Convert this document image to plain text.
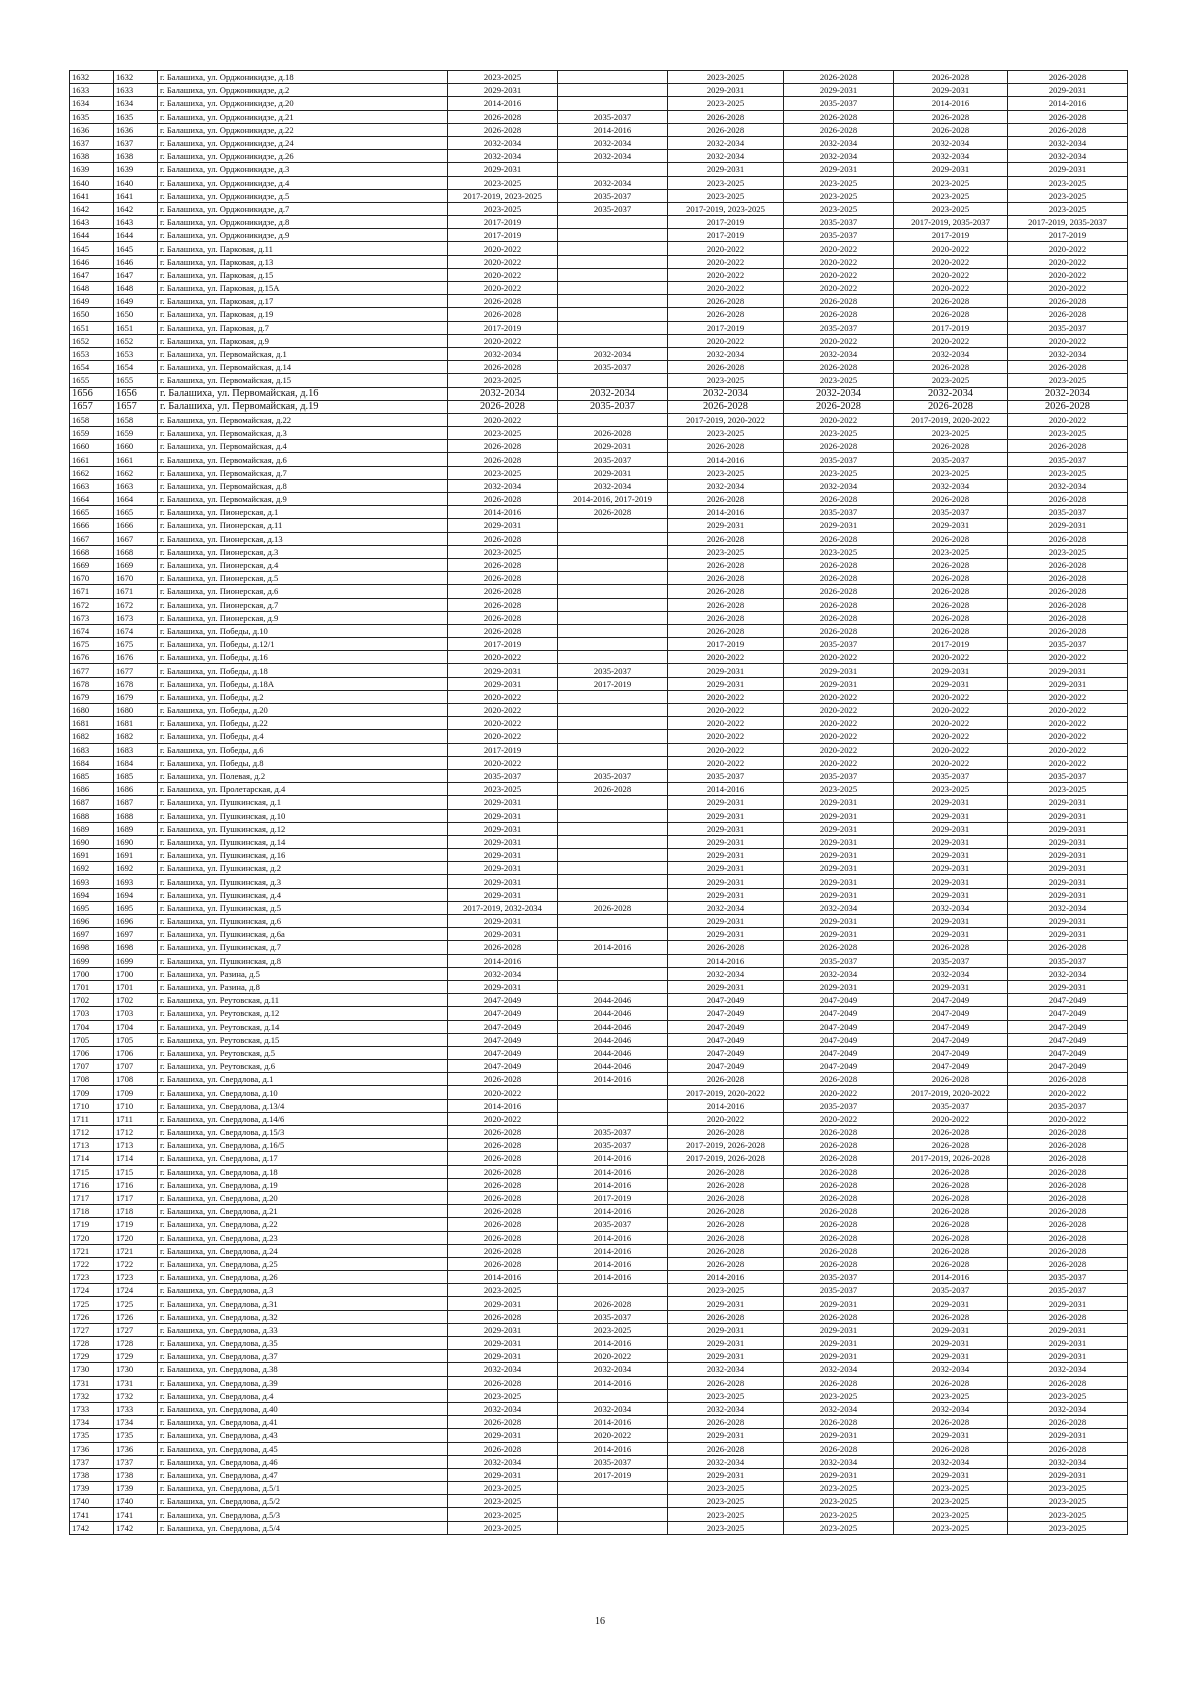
1632	1632	г. Балашиха, ул. Орджоникидзе, д.18	2023-2025		2023-2025	2026-2028	2026-2028	2026-2028
1633	1633	г. Балашиха, ул. Орджоникидзе, д.2	2029-2031		2029-2031	2029-2031	2029-2031	2029-2031
1634	1634	г. Балашиха, ул. Орджоникидзе, д.20	2014-2016		2023-2025	2035-2037	2014-2016	2014-2016
1635	1635	г. Балашиха, ул. Орджоникидзе, д.21	2026-2028	2035-2037	2026-2028	2026-2028	2026-2028	2026-2028
1636	1636	г. Балашиха, ул. Орджоникидзе, д.22	2026-2028	2014-2016	2026-2028	2026-2028	2026-2028	2026-2028
1637	1637	г. Балашиха, ул. Орджоникидзе, д.24	2032-2034	2032-2034	2032-2034	2032-2034	2032-2034	2032-2034
1638	1638	г. Балашиха, ул. Орджоникидзе, д.26	2032-2034	2032-2034	2032-2034	2032-2034	2032-2034	2032-2034
1639	1639	г. Балашиха, ул. Орджоникидзе, д.3	2029-2031		2029-2031	2029-2031	2029-2031	2029-2031
1640	1640	г. Балашиха, ул. Орджоникидзе, д.4	2023-2025	2032-2034	2023-2025	2023-2025	2023-2025	2023-2025
1641	1641	г. Балашиха, ул. Орджоникидзе, д.5	2017-2019, 2023-2025	2035-2037	2023-2025	2023-2025	2023-2025	2023-2025
1642	1642	г. Балашиха, ул. Орджоникидзе, д.7	2023-2025	2035-2037	2017-2019, 2023-2025	2023-2025	2023-2025	2023-2025
1643	1643	г. Балашиха, ул. Орджоникидзе, д.8	2017-2019		2017-2019	2035-2037	2017-2019, 2035-2037	2017-2019, 2035-2037
1644	1644	г. Балашиха, ул. Орджоникидзе, д.9	2017-2019		2017-2019	2035-2037	2017-2019	2017-2019
1645	1645	г. Балашиха, ул. Парковая, д.11	2020-2022		2020-2022	2020-2022	2020-2022	2020-2022
1646	1646	г. Балашиха, ул. Парковая, д.13	2020-2022		2020-2022	2020-2022	2020-2022	2020-2022
1647	1647	г. Балашиха, ул. Парковая, д.15	2020-2022		2020-2022	2020-2022	2020-2022	2020-2022
1648	1648	г. Балашиха, ул. Парковая, д.15А	2020-2022		2020-2022	2020-2022	2020-2022	2020-2022
1649	1649	г. Балашиха, ул. Парковая, д.17	2026-2028		2026-2028	2026-2028	2026-2028	2026-2028
1650	1650	г. Балашиха, ул. Парковая, д.19	2026-2028		2026-2028	2026-2028	2026-2028	2026-2028
1651	1651	г. Балашиха, ул. Парковая, д.7	2017-2019		2017-2019	2035-2037	2017-2019	2035-2037
1652	1652	г. Балашиха, ул. Парковая, д.9	2020-2022		2020-2022	2020-2022	2020-2022	2020-2022
1653	1653	г. Балашиха, ул. Первомайская, д.1	2032-2034	2032-2034	2032-2034	2032-2034	2032-2034	2032-2034
1654	1654	г. Балашиха, ул. Первомайская, д.14	2026-2028	2035-2037	2026-2028	2026-2028	2026-2028	2026-2028
1655	1655	г. Балашиха, ул. Первомайская, д.15	2023-2025		2023-2025	2023-2025	2023-2025	2023-2025
1656	1656	г. Балашиха, ул. Первомайская, д.16	2032-2034	2032-2034	2032-2034	2032-2034	2032-2034	2032-2034
1657	1657	г. Балашиха, ул. Первомайская, д.19	2026-2028	2035-2037	2026-2028	2026-2028	2026-2028	2026-2028
1658	1658	г. Балашиха, ул. Первомайская, д.22	2020-2022		2017-2019, 2020-2022	2020-2022	2017-2019, 2020-2022	2020-2022
1659	1659	г. Балашиха, ул. Первомайская, д.3	2023-2025	2026-2028	2023-2025	2023-2025	2023-2025	2023-2025
1660	1660	г. Балашиха, ул. Первомайская, д.4	2026-2028	2029-2031	2026-2028	2026-2028	2026-2028	2026-2028
1661	1661	г. Балашиха, ул. Первомайская, д.6	2026-2028	2035-2037	2014-2016	2035-2037	2035-2037	2035-2037
1662	1662	г. Балашиха, ул. Первомайская, д.7	2023-2025	2029-2031	2023-2025	2023-2025	2023-2025	2023-2025
1663	1663	г. Балашиха, ул. Первомайская, д.8	2032-2034	2032-2034	2032-2034	2032-2034	2032-2034	2032-2034
1664	1664	г. Балашиха, ул. Первомайская, д.9	2026-2028	2014-2016, 2017-2019	2026-2028	2026-2028	2026-2028	2026-2028
1665	1665	г. Балашиха, ул. Пионерская, д.1	2014-2016	2026-2028	2014-2016	2035-2037	2035-2037	2035-2037
1666	1666	г. Балашиха, ул. Пионерская, д.11	2029-2031		2029-2031	2029-2031	2029-2031	2029-2031
1667	1667	г. Балашиха, ул. Пионерская, д.13	2026-2028		2026-2028	2026-2028	2026-2028	2026-2028
1668	1668	г. Балашиха, ул. Пионерская, д.3	2023-2025		2023-2025	2023-2025	2023-2025	2023-2025
1669	1669	г. Балашиха, ул. Пионерская, д.4	2026-2028		2026-2028	2026-2028	2026-2028	2026-2028
1670	1670	г. Балашиха, ул. Пионерская, д.5	2026-2028		2026-2028	2026-2028	2026-2028	2026-2028
1671	1671	г. Балашиха, ул. Пионерская, д.6	2026-2028		2026-2028	2026-2028	2026-2028	2026-2028
1672	1672	г. Балашиха, ул. Пионерская, д.7	2026-2028		2026-2028	2026-2028	2026-2028	2026-2028
1673	1673	г. Балашиха, ул. Пионерская, д.9	2026-2028		2026-2028	2026-2028	2026-2028	2026-2028
1674	1674	г. Балашиха, ул. Победы, д.10	2026-2028		2026-2028	2026-2028	2026-2028	2026-2028
1675	1675	г. Балашиха, ул. Победы, д.12/1	2017-2019		2017-2019	2035-2037	2017-2019	2035-2037
1676	1676	г. Балашиха, ул. Победы, д.16	2020-2022		2020-2022	2020-2022	2020-2022	2020-2022
1677	1677	г. Балашиха, ул. Победы, д.18	2029-2031	2035-2037	2029-2031	2029-2031	2029-2031	2029-2031
1678	1678	г. Балашиха, ул. Победы, д.18А	2029-2031	2017-2019	2029-2031	2029-2031	2029-2031	2029-2031
1679	1679	г. Балашиха, ул. Победы, д.2	2020-2022		2020-2022	2020-2022	2020-2022	2020-2022
1680	1680	г. Балашиха, ул. Победы, д.20	2020-2022		2020-2022	2020-2022	2020-2022	2020-2022
1681	1681	г. Балашиха, ул. Победы, д.22	2020-2022		2020-2022	2020-2022	2020-2022	2020-2022
1682	1682	г. Балашиха, ул. Победы, д.4	2020-2022		2020-2022	2020-2022	2020-2022	2020-2022
1683	1683	г. Балашиха, ул. Победы, д.6	2017-2019		2020-2022	2020-2022	2020-2022	2020-2022
1684	1684	г. Балашиха, ул. Победы, д.8	2020-2022		2020-2022	2020-2022	2020-2022	2020-2022
1685	1685	г. Балашиха, ул. Полевая, д.2	2035-2037	2035-2037	2035-2037	2035-2037	2035-2037	2035-2037
1686	1686	г. Балашиха, ул. Пролетарская, д.4	2023-2025	2026-2028	2014-2016	2023-2025	2023-2025	2023-2025
1687	1687	г. Балашиха, ул. Пушкинская, д.1	2029-2031		2029-2031	2029-2031	2029-2031	2029-2031
1688	1688	г. Балашиха, ул. Пушкинская, д.10	2029-2031		2029-2031	2029-2031	2029-2031	2029-2031
1689	1689	г. Балашиха, ул. Пушкинская, д.12	2029-2031		2029-2031	2029-2031	2029-2031	2029-2031
1690	1690	г. Балашиха, ул. Пушкинская, д.14	2029-2031		2029-2031	2029-2031	2029-2031	2029-2031
1691	1691	г. Балашиха, ул. Пушкинская, д.16	2029-2031		2029-2031	2029-2031	2029-2031	2029-2031
1692	1692	г. Балашиха, ул. Пушкинская, д.2	2029-2031		2029-2031	2029-2031	2029-2031	2029-2031
1693	1693	г. Балашиха, ул. Пушкинская, д.3	2029-2031		2029-2031	2029-2031	2029-2031	2029-2031
1694	1694	г. Балашиха, ул. Пушкинская, д.4	2029-2031		2029-2031	2029-2031	2029-2031	2029-2031
1695	1695	г. Балашиха, ул. Пушкинская, д.5	2017-2019, 2032-2034	2026-2028	2032-2034	2032-2034	2032-2034	2032-2034
1696	1696	г. Балашиха, ул. Пушкинская, д.6	2029-2031		2029-2031	2029-2031	2029-2031	2029-2031
1697	1697	г. Балашиха, ул. Пушкинская, д.6а	2029-2031		2029-2031	2029-2031	2029-2031	2029-2031
1698	1698	г. Балашиха, ул. Пушкинская, д.7	2026-2028	2014-2016	2026-2028	2026-2028	2026-2028	2026-2028
1699	1699	г. Балашиха, ул. Пушкинская, д.8	2014-2016		2014-2016	2035-2037	2035-2037	2035-2037
1700	1700	г. Балашиха, ул. Разина, д.5	2032-2034		2032-2034	2032-2034	2032-2034	2032-2034
1701	1701	г. Балашиха, ул. Разина, д.8	2029-2031		2029-2031	2029-2031	2029-2031	2029-2031
1702	1702	г. Балашиха, ул. Реутовская, д.11	2047-2049	2044-2046	2047-2049	2047-2049	2047-2049	2047-2049
1703	1703	г. Балашиха, ул. Реутовская, д.12	2047-2049	2044-2046	2047-2049	2047-2049	2047-2049	2047-2049
1704	1704	г. Балашиха, ул. Реутовская, д.14	2047-2049	2044-2046	2047-2049	2047-2049	2047-2049	2047-2049
1705	1705	г. Балашиха, ул. Реутовская, д.15	2047-2049	2044-2046	2047-2049	2047-2049	2047-2049	2047-2049
1706	1706	г. Балашиха, ул. Реутовская, д.5	2047-2049	2044-2046	2047-2049	2047-2049	2047-2049	2047-2049
1707	1707	г. Балашиха, ул. Реутовская, д.6	2047-2049	2044-2046	2047-2049	2047-2049	2047-2049	2047-2049
1708	1708	г. Балашиха, ул. Свердлова, д.1	2026-2028	2014-2016	2026-2028	2026-2028	2026-2028	2026-2028
1709	1709	г. Балашиха, ул. Свердлова, д.10	2020-2022		2017-2019, 2020-2022	2020-2022	2017-2019, 2020-2022	2020-2022
1710	1710	г. Балашиха, ул. Свердлова, д.13/4	2014-2016		2014-2016	2035-2037	2035-2037	2035-2037
1711	1711	г. Балашиха, ул. Свердлова, д.14/6	2020-2022		2020-2022	2020-2022	2020-2022	2020-2022
1712	1712	г. Балашиха, ул. Свердлова, д.15/3	2026-2028	2035-2037	2026-2028	2026-2028	2026-2028	2026-2028
1713	1713	г. Балашиха, ул. Свердлова, д.16/5	2026-2028	2035-2037	2017-2019, 2026-2028	2026-2028	2026-2028	2026-2028
1714	1714	г. Балашиха, ул. Свердлова, д.17	2026-2028	2014-2016	2017-2019, 2026-2028	2026-2028	2017-2019, 2026-2028	2026-2028
1715	1715	г. Балашиха, ул. Свердлова, д.18	2026-2028	2014-2016	2026-2028	2026-2028	2026-2028	2026-2028
1716	1716	г. Балашиха, ул. Свердлова, д.19	2026-2028	2014-2016	2026-2028	2026-2028	2026-2028	2026-2028
1717	1717	г. Балашиха, ул. Свердлова, д.20	2026-2028	2017-2019	2026-2028	2026-2028	2026-2028	2026-2028
1718	1718	г. Балашиха, ул. Свердлова, д.21	2026-2028	2014-2016	2026-2028	2026-2028	2026-2028	2026-2028
1719	1719	г. Балашиха, ул. Свердлова, д.22	2026-2028	2035-2037	2026-2028	2026-2028	2026-2028	2026-2028
1720	1720	г. Балашиха, ул. Свердлова, д.23	2026-2028	2014-2016	2026-2028	2026-2028	2026-2028	2026-2028
1721	1721	г. Балашиха, ул. Свердлова, д.24	2026-2028	2014-2016	2026-2028	2026-2028	2026-2028	2026-2028
1722	1722	г. Балашиха, ул. Свердлова, д.25	2026-2028	2014-2016	2026-2028	2026-2028	2026-2028	2026-2028
1723	1723	г. Балашиха, ул. Свердлова, д.26	2014-2016	2014-2016	2014-2016	2035-2037	2014-2016	2035-2037
1724	1724	г. Балашиха, ул. Свердлова, д.3	2023-2025		2023-2025	2035-2037	2035-2037	2035-2037
1725	1725	г. Балашиха, ул. Свердлова, д.31	2029-2031	2026-2028	2029-2031	2029-2031	2029-2031	2029-2031
1726	1726	г. Балашиха, ул. Свердлова, д.32	2026-2028	2035-2037	2026-2028	2026-2028	2026-2028	2026-2028
1727	1727	г. Балашиха, ул. Свердлова, д.33	2029-2031	2023-2025	2029-2031	2029-2031	2029-2031	2029-2031
1728	1728	г. Балашиха, ул. Свердлова, д.35	2029-2031	2014-2016	2029-2031	2029-2031	2029-2031	2029-2031
1729	1729	г. Балашиха, ул. Свердлова, д.37	2029-2031	2020-2022	2029-2031	2029-2031	2029-2031	2029-2031
1730	1730	г. Балашиха, ул. Свердлова, д.38	2032-2034	2032-2034	2032-2034	2032-2034	2032-2034	2032-2034
1731	1731	г. Балашиха, ул. Свердлова, д.39	2026-2028	2014-2016	2026-2028	2026-2028	2026-2028	2026-2028
1732	1732	г. Балашиха, ул. Свердлова, д.4	2023-2025		2023-2025	2023-2025	2023-2025	2023-2025
1733	1733	г. Балашиха, ул. Свердлова, д.40	2032-2034	2032-2034	2032-2034	2032-2034	2032-2034	2032-2034
1734	1734	г. Балашиха, ул. Свердлова, д.41	2026-2028	2014-2016	2026-2028	2026-2028	2026-2028	2026-2028
1735	1735	г. Балашиха, ул. Свердлова, д.43	2029-2031	2020-2022	2029-2031	2029-2031	2029-2031	2029-2031
1736	1736	г. Балашиха, ул. Свердлова, д.45	2026-2028	2014-2016	2026-2028	2026-2028	2026-2028	2026-2028
1737	1737	г. Балашиха, ул. Свердлова, д.46	2032-2034	2035-2037	2032-2034	2032-2034	2032-2034	2032-2034
1738	1738	г. Балашиха, ул. Свердлова, д.47	2029-2031	2017-2019	2029-2031	2029-2031	2029-2031	2029-2031
1739	1739	г. Балашиха, ул. Свердлова, д.5/1	2023-2025		2023-2025	2023-2025	2023-2025	2023-2025
1740	1740	г. Балашиха, ул. Свердлова, д.5/2	2023-2025		2023-2025	2023-2025	2023-2025	2023-2025
1741	1741	г. Балашиха, ул. Свердлова, д.5/3	2023-2025		2023-2025	2023-2025	2023-2025	2023-2025
1742	1742	г. Балашиха, ул. Свердлова, д.5/4	2023-2025		2023-2025	2023-2025	2023-2025	2023-2025
16
